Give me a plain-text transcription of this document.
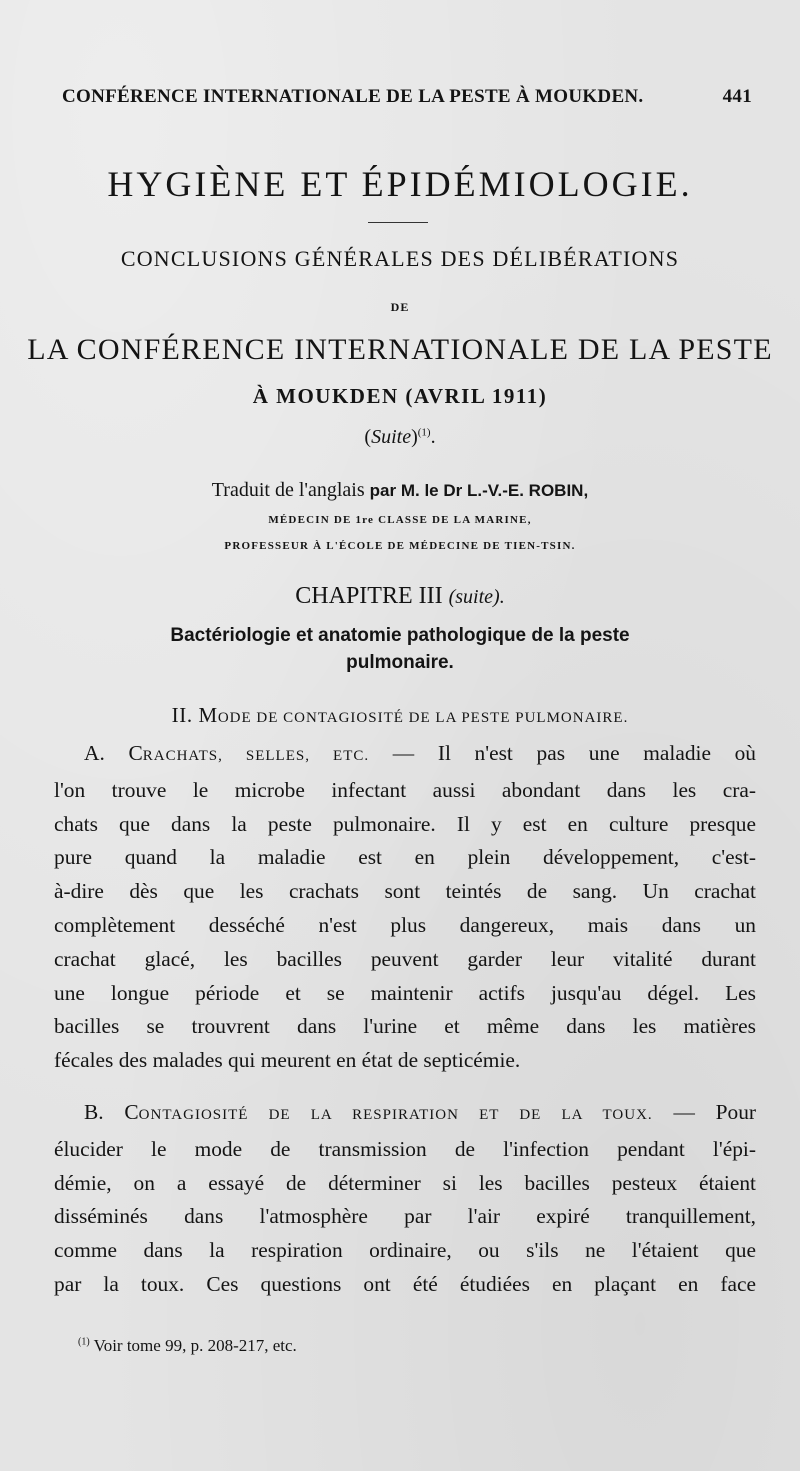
CONFÉRENCE INTERNATIONALE DE LA PESTE À MOUKDEN.	441
HYGIÈNE ET ÉPIDÉMIOLOGIE.
CONCLUSIONS GÉNÉRALES DES DÉLIBÉRATIONS
DE
LA CONFÉRENCE INTERNATIONALE DE LA PESTE
À MOUKDEN (AVRIL 1911)
(Suite)$^{(1)}$.
Traduit de l'anglais par M. le Dr L.-V.-E. ROBIN,
MÉDECIN DE 1re CLASSE DE LA MARINE,
PROFESSEUR À L'ÉCOLE DE MÉDECINE DE TIEN-TSIN.
CHAPITRE III (suite).
Bactériologie et anatomie pathologique de la peste
pulmonaire.
II. MODE DE CONTAGIOSITÉ DE LA PESTE PULMONAIRE.
A. CRACHATS, SELLES, ETC. — Il n'est pas une maladie où
l'on trouve le microbe infectant aussi abondant dans les cra-
chats que dans la peste pulmonaire. Il y est en culture presque
pure quand la maladie est en plein développement, c'est-
à-dire dès que les crachats sont teintés de sang. Un crachat
complètement desséché n'est plus dangereux, mais dans un
crachat glacé, les bacilles peuvent garder leur vitalité durant
une longue période et se maintenir actifs jusqu'au dégel. Les
bacilles se trouvrent dans l'urine et même dans les matières
fécales des malades qui meurent en état de septicémie.
B. CONTAGIOSITÉ DE LA RESPIRATION ET DE LA TOUX. — Pour
élucider le mode de transmission de l'infection pendant l'épi-
démie, on a essayé de déterminer si les bacilles pesteux étaient
disséminés dans l'atmosphère par l'air expiré tranquillement,
comme dans la respiration ordinaire, ou s'ils ne l'étaient que
par la toux. Ces questions ont été étudiées en plaçant en face
$^{(1)}$ Voir tome 99, p. 208-217, etc.
